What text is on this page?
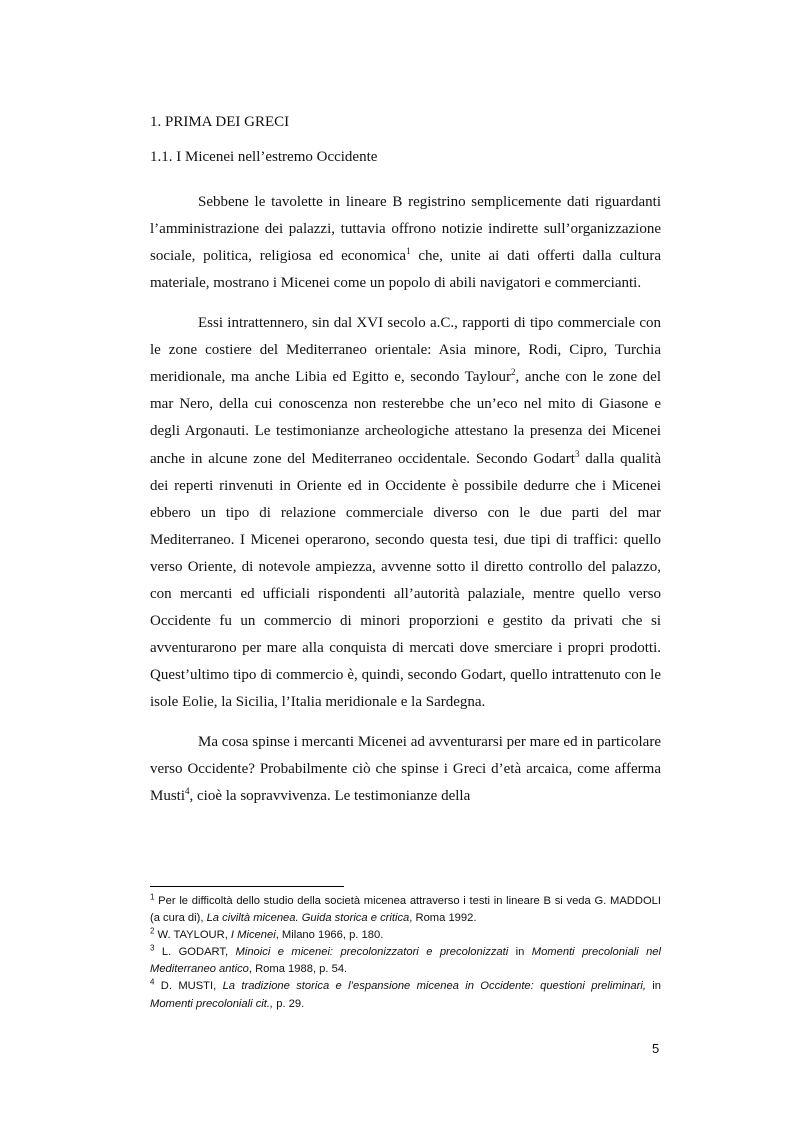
1. PRIMA DEI GRECI
1.1. I Micenei nell’estremo Occidente

Sebbene le tavolette in lineare B registrino semplicemente dati riguardanti l’amministrazione dei palazzi, tuttavia offrono notizie indirette sull’organizzazione sociale, politica, religiosa ed economica$^1$ che, unite ai dati offerti dalla cultura materiale, mostrano i Micenei come un popolo di abili navigatori e commercianti.

Essi intrattennero, sin dal XVI secolo a.C., rapporti di tipo commerciale con le zone costiere del Mediterraneo orientale: Asia minore, Rodi, Cipro, Turchia meridionale, ma anche Libia ed Egitto e, secondo Taylour$^2$, anche con le zone del mar Nero, della cui conoscenza non resterebbe che un’eco nel mito di Giasone e degli Argonauti. Le testimonianze archeologiche attestano la presenza dei Micenei anche in alcune zone del Mediterraneo occidentale. Secondo Godart$^3$ dalla qualità dei reperti rinvenuti in Oriente ed in Occidente è possibile dedurre che i Micenei ebbero un tipo di relazione commerciale diverso con le due parti del mar Mediterraneo. I Micenei operarono, secondo questa tesi, due tipi di traffici: quello verso Oriente, di notevole ampiezza, avvenne sotto il diretto controllo del palazzo, con mercanti ed ufficiali rispondenti all’autorità palaziale, mentre quello verso Occidente fu un commercio di minori proporzioni e gestito da privati che si avventurarono per mare alla conquista di mercati dove smerciare i propri prodotti. Quest’ultimo tipo di commercio è, quindi, secondo Godart, quello intrattenuto con le isole Eolie, la Sicilia, l’Italia meridionale e la Sardegna.

Ma cosa spinse i mercanti Micenei ad avventurarsi per mare ed in particolare verso Occidente? Probabilmente ciò che spinse i Greci d’età arcaica, come afferma Musti$^4$, cioè la sopravvivenza. Le testimonianze della

$^1$ Per le difficoltà dello studio della società micenea attraverso i testi in lineare B si veda G. MADDOLI (a cura di), La civiltà micenea. Guida storica e critica, Roma 1992.

$^2$ W. TAYLOUR, I Micenei, Milano 1966, p. 180.

$^3$ L. GODART, Minoici e micenei: precolonizzatori e precolonizzati in Momenti precoloniali nel Mediterraneo antico, Roma 1988, p. 54.

$^4$ D. MUSTI, La tradizione storica e l’espansione micenea in Occidente: questioni preliminari, in Momenti precoloniali cit., p. 29.

5
